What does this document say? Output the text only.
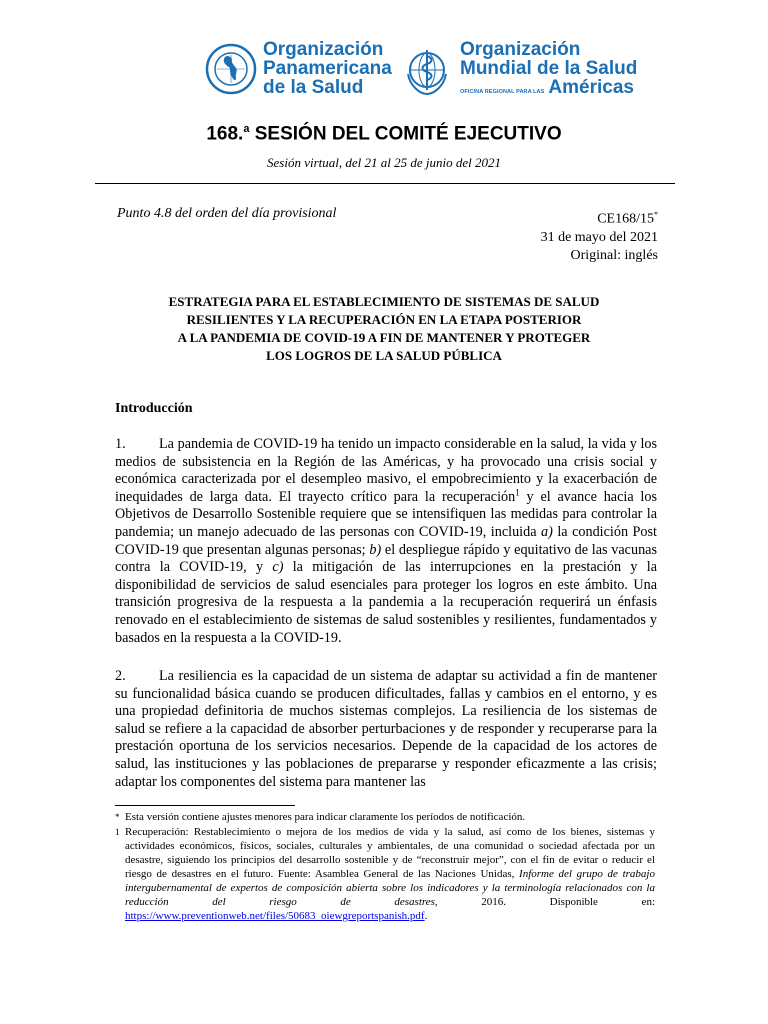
Organización
Panamericana
de la Salud
Organización
Mundial de la Salud
OFICINA REGIONAL PARA LAS Américas
168.$^a$ SESIÓN DEL COMITÉ EJECUTIVO
Sesión virtual, del 21 al 25 de junio del 2021
Punto 4.8 del orden del día provisional	CE168/15*
31 de mayo del 2021
Original: inglés
ESTRATEGIA PARA EL ESTABLECIMIENTO DE SISTEMAS DE SALUD
RESILIENTES Y LA RECUPERACIÓN EN LA ETAPA POSTERIOR
A LA PANDEMIA DE COVID-19 A FIN DE MANTENER Y PROTEGER
LOS LOGROS DE LA SALUD PÚBLICA
Introducción

1. La pandemia de COVID-19 ha tenido un impacto considerable en la salud, la vida y los medios de subsistencia en la Región de las Américas, y ha provocado una crisis social y económica caracterizada por el desempleo masivo, el empobrecimiento y la exacerbación de inequidades de larga data. El trayecto crítico para la recuperación$^1$ y el avance hacia los Objetivos de Desarrollo Sostenible requiere que se intensifiquen las medidas para controlar la pandemia; un manejo adecuado de las personas con COVID-19, incluida a) la condición Post COVID-19 que presentan algunas personas; b) el despliegue rápido y equitativo de las vacunas contra la COVID-19, y c) la mitigación de las interrupciones en la prestación y la disponibilidad de servicios de salud esenciales para proteger los logros en este ámbito. Una transición progresiva de la respuesta a la pandemia a la recuperación requerirá un énfasis renovado en el establecimiento de sistemas de salud sostenibles y resilientes, fundamentados y basados en la respuesta a la COVID-19.

2. La resiliencia es la capacidad de un sistema de adaptar su actividad a fin de mantener su funcionalidad básica cuando se producen dificultades, fallas y cambios en el entorno, y es una propiedad definitoria de muchos sistemas complejos. La resiliencia de los sistemas de salud se refiere a la capacidad de absorber perturbaciones y de responder y recuperarse para la prestación oportuna de los servicios necesarios. Depende de la capacidad de los actores de salud, las instituciones y las poblaciones de prepararse y responder eficazmente a las crisis; adaptar los componentes del sistema para mantener las

* Esta versión contiene ajustes menores para indicar claramente los períodos de notificación.

1 Recuperación: Restablecimiento o mejora de los medios de vida y la salud, así como de los bienes, sistemas y actividades económicos, físicos, sociales, culturales y ambientales, de una comunidad o sociedad afectada por un desastre, siguiendo los principios del desarrollo sostenible y de “reconstruir mejor”, con el fin de evitar o reducir el riesgo de desastres en el futuro. Fuente: Asamblea General de las Naciones Unidas, Informe del grupo de trabajo intergubernamental de expertos de composición abierta sobre los indicadores y la terminología relacionados con la reducción del riesgo de desastres, 2016. Disponible en: https://www.preventionweb.net/files/50683_oiewgreportspanish.pdf.
